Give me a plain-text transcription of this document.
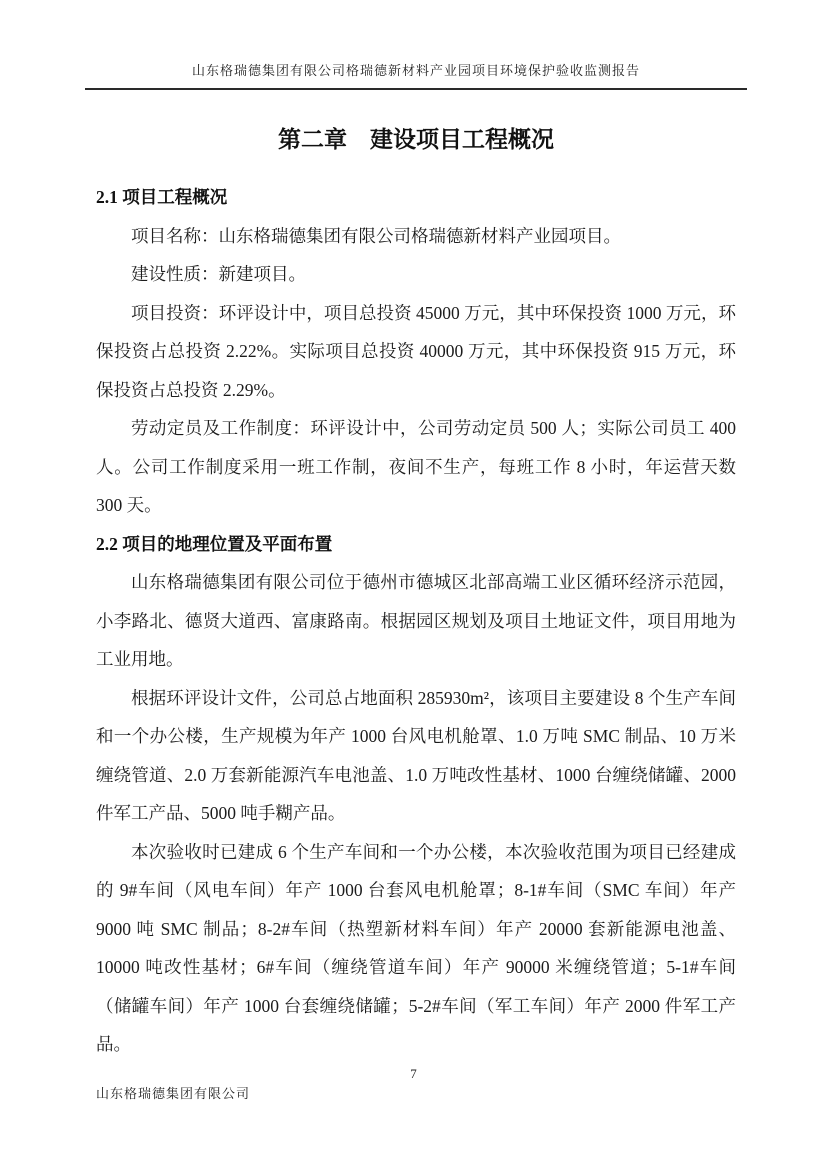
山东格瑞德集团有限公司格瑞德新材料产业园项目环境保护验收监测报告
第二章　建设项目工程概况
2.1 项目工程概况

项目名称：山东格瑞德集团有限公司格瑞德新材料产业园项目。

建设性质：新建项目。

项目投资：环评设计中，项目总投资 45000 万元，其中环保投资 1000 万元，环保投资占总投资 2.22%。实际项目总投资 40000 万元，其中环保投资 915 万元，环保投资占总投资 2.29%。

劳动定员及工作制度：环评设计中，公司劳动定员 500 人；实际公司员工 400 人。公司工作制度采用一班工作制，夜间不生产，每班工作 8 小时，年运营天数 300 天。

2.2 项目的地理位置及平面布置

山东格瑞德集团有限公司位于德州市德城区北部高端工业区循环经济示范园，小李路北、德贤大道西、富康路南。根据园区规划及项目土地证文件，项目用地为工业用地。

根据环评设计文件，公司总占地面积 285930m²，该项目主要建设 8 个生产车间和一个办公楼，生产规模为年产 1000 台风电机舱罩、1.0 万吨 SMC 制品、10 万米缠绕管道、2.0 万套新能源汽车电池盖、1.0 万吨改性基材、1000 台缠绕储罐、2000 件军工产品、5000 吨手糊产品。

本次验收时已建成 6 个生产车间和一个办公楼，本次验收范围为项目已经建成的 9#车间（风电车间）年产 1000 台套风电机舱罩；8-1#车间（SMC 车间）年产 9000 吨 SMC 制品；8-2#车间（热塑新材料车间）年产 20000 套新能源电池盖、10000 吨改性基材；6#车间（缠绕管道车间）年产 90000 米缠绕管道；5-1#车间（储罐车间）年产 1000 台套缠绕储罐；5-2#车间（军工车间）年产 2000 件军工产品。

7
山东格瑞德集团有限公司
